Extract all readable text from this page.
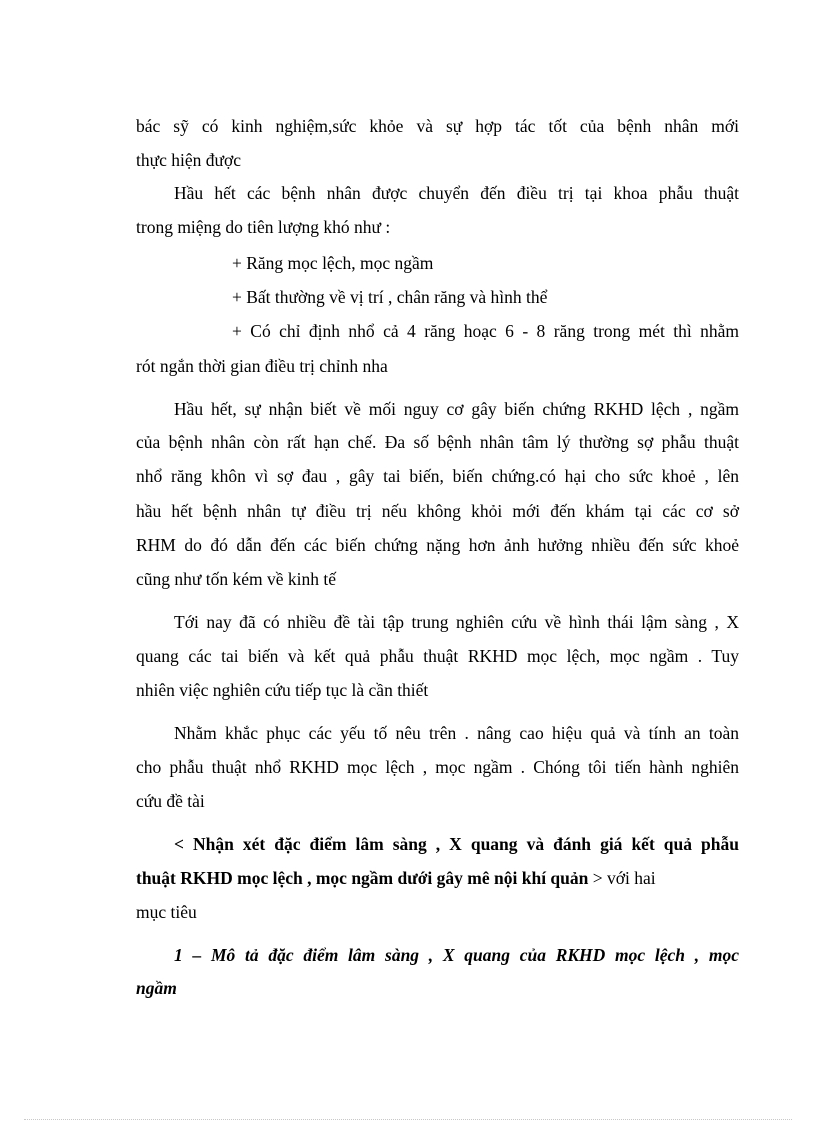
bác sỹ có kinh nghiệm,sức khỏe và sự hợp tác tốt của bệnh nhân mới

thực hiện được

Hầu hết các bệnh nhân được chuyển đến điều trị tại khoa phẫu thuật

trong miệng do tiên lượng khó như :

+ Răng mọc lệch, mọc ngầm

+ Bất thường về vị trí , chân răng và hình thể

+ Có chỉ định nhổ cả 4 răng hoạc 6 - 8 răng trong mét thì nhằm

rót ngắn thời gian điều trị chỉnh nha

Hầu hết, sự nhận biết về mối nguy cơ gây biến chứng RKHD lệch , ngầm

của bệnh nhân còn rất hạn chế. Đa số bệnh nhân tâm lý thường sợ phẫu thuật

nhổ răng khôn vì sợ đau , gây tai biến, biến chứng.có hại cho sức khoẻ , lên

hầu hết bệnh nhân tự điều trị nếu không khỏi mới đến khám tại các cơ sở

RHM do đó dẫn đến các biến chứng nặng hơn ảnh hưởng nhiều đến sức khoẻ

cũng như tốn kém về kinh tế

Tới nay đã có nhiều đề tài tập trung nghiên cứu về hình thái lậm sàng , X

quang các tai biến và kết quả phẫu thuật RKHD mọc lệch, mọc ngầm . Tuy

nhiên việc nghiên cứu tiếp tục là cần thiết

Nhằm khắc phục các yếu tố nêu trên . nâng cao hiệu quả và tính an toàn

cho phẫu thuật nhổ RKHD mọc lệch , mọc ngầm . Chóng tôi tiến hành nghiên

cứu đề tài

< Nhận xét đặc điểm lâm sàng , X quang và đánh giá kết quả phẫu

thuật RKHD mọc lệch , mọc ngầm dưới gây mê nội khí quản > với hai

mục tiêu

1 – Mô tả đặc điểm lâm sàng , X quang của RKHD mọc lệch , mọc

ngầm
